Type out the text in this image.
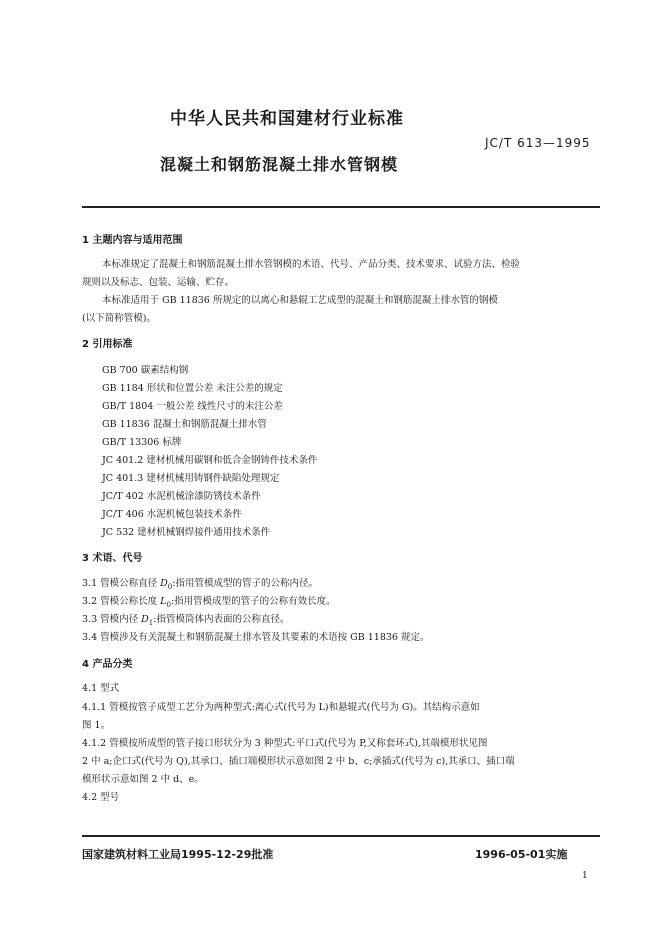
中华人民共和国建材行业标准
JC/T 613—1995
混凝土和钢筋混凝土排水管钢模
1 主题内容与适用范围
本标准规定了混凝土和钢筋混凝土排水管钢模的术语、代号、产品分类、技术要求、试验方法、检验
规则以及标志、包装、运输、贮存。
本标准适用于 GB 11836 所规定的以离心和悬辊工艺成型的混凝土和钢筋混凝土排水管的钢模
(以下简称管模)。
2 引用标准
GB 700 碳素结构钢
GB 1184 形状和位置公差 未注公差的规定
GB/T 1804 一般公差 线性尺寸的未注公差
GB 11836 混凝土和钢筋混凝土排水管
GB/T 13306 标牌
JC 401.2 建材机械用碳钢和低合金钢铸件技术条件
JC 401.3 建材机械用铸钢件缺陷处理规定
JC/T 402 水泥机械涂漆防锈技术条件
JC/T 406 水泥机械包装技术条件
JC 532 建材机械钢焊接件通用技术条件
3 术语、代号
3.1 管模公称直径 $D_0$:指用管模成型的管子的公称内径。
3.2 管模公称长度 $L_0$:指用管模成型的管子的公称有效长度。
3.3 管模内径 $D_1$:指管模筒体内表面的公称直径。
3.4 管模涉及有关混凝土和钢筋混凝土排水管及其要素的术语按 GB 11836 规定。
4 产品分类
4.1 型式
4.1.1 管模按管子成型工艺分为两种型式:离心式(代号为 L)和悬辊式(代号为 G)。其结构示意如
图 1。
4.1.2 管模按所成型的管子接口形状分为 3 种型式:平口式(代号为 P,又称套环式),其端模形状见图
2 中 a;企口式(代号为 Q),其承口、插口端模形状示意如图 2 中 b、c;承插式(代号为 c),其承口、插口端
模形状示意如图 2 中 d、e。
4.2 型号
国家建筑材料工业局1995-12-29批准	1996-05-01实施
1
